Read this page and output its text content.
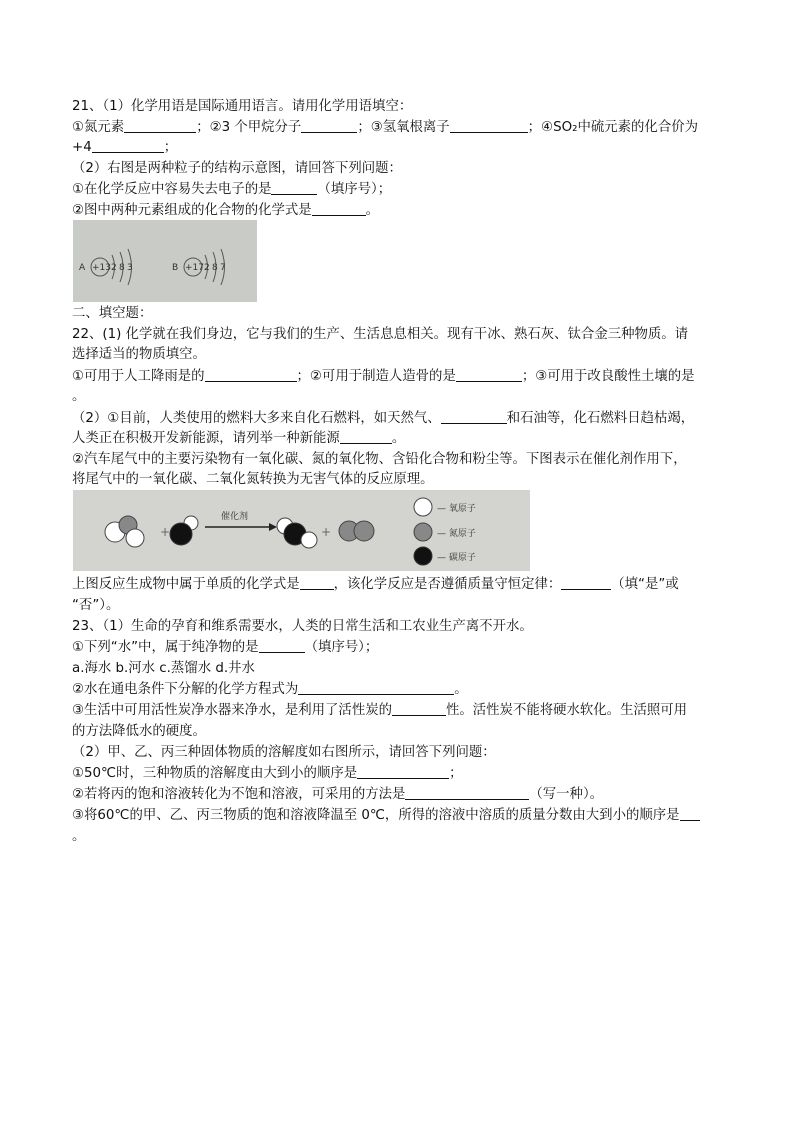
21、（1）化学用语是国际通用语言。请用化学用语填空：
①氮元素	；②3 个甲烷分子	；③氢氧根离子	；④SO₂中硫元素的化合价为
+4	；
（2）右图是两种粒子的结构示意图，请回答下列问题：
①在化学反应中容易失去电子的是	（填序号）；
②图中两种元素组成的化合物的化学式是	。
A +13 2 8 3	B +17 2 8 7
二、填空题：
22、(1) 化学就在我们身边，它与我们的生产、生活息息相关。现有干冰、熟石灰、钛合金三种物质。请
选择适当的物质填空。
①可用于人工降雨是的	；②可用于制造人造骨的是	；③可用于改良酸性土壤的是
。
（2）①目前，人类使用的燃料大多来自化石燃料，如天然气、	和石油等，化石燃料日趋枯竭，
人类正在积极开发新能源，请列举一种新能源	。
②汽车尾气中的主要污染物有一氧化碳、氮的氧化物、含铅化合物和粉尘等。下图表示在催化剂作用下，
将尾气中的一氧化碳、二氧化氮转换为无害气体的反应原理。
+
催化剂
+
— 氧原子
— 氮原子
— 碳原子
上图反应生成物中属于单质的化学式是	，该化学反应是否遵循质量守恒定律：	（填“是”或
“否”）。
23、（1）生命的孕育和维系需要水，人类的日常生活和工农业生产离不开水。
①下列“水”中，属于纯净物的是	（填序号）；
a.海水 b.河水 c.蒸馏水 d.井水
②水在通电条件下分解的化学方程式为	。
③生活中可用活性炭净水器来净水，是利用了活性炭的	性。活性炭不能将硬水软化。生活照可用
的方法降低水的硬度。
（2）甲、乙、丙三种固体物质的溶解度如右图所示，请回答下列问题：
①50℃时，三种物质的溶解度由大到小的顺序是	；
②若将丙的饱和溶液转化为不饱和溶液，可采用的方法是	（写一种）。
③将60℃的甲、乙、丙三物质的饱和溶液降温至 0℃，所得的溶液中溶质的质量分数由大到小的顺序是
。
